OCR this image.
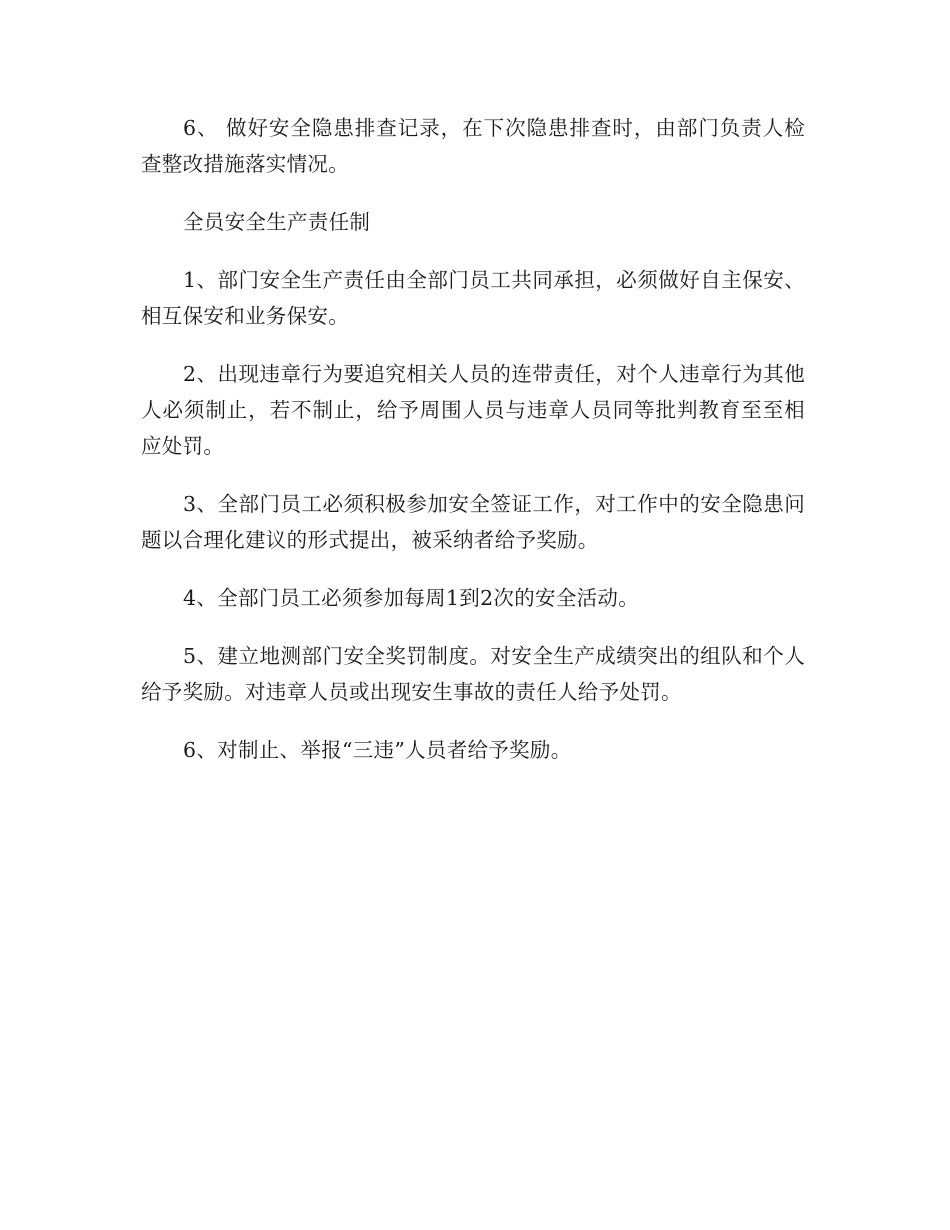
6、 做好安全隐患排查记录，在下次隐患排查时，由部门负责人检查整改措施落实情况。

全员安全生产责任制

1、部门安全生产责任由全部门员工共同承担，必须做好自主保安、相互保安和业务保安。

2、出现违章行为要追究相关人员的连带责任，对个人违章行为其他人必须制止，若不制止，给予周围人员与违章人员同等批判教育至至相应处罚。

3、全部门员工必须积极参加安全签证工作，对工作中的安全隐患问题以合理化建议的形式提出，被采纳者给予奖励。

4、全部门员工必须参加每周1到2次的安全活动。

5、建立地测部门安全奖罚制度。对安全生产成绩突出的组队和个人给予奖励。对违章人员或出现安生事故的责任人给予处罚。

6、对制止、举报“三违”人员者给予奖励。
